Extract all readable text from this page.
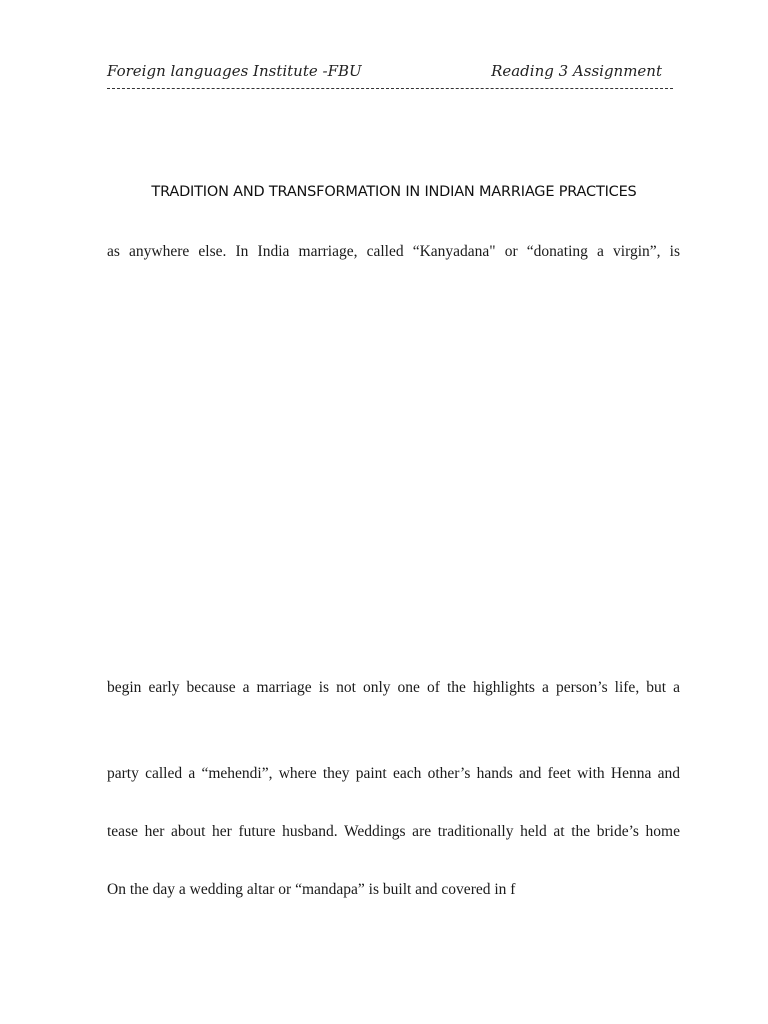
Foreign languages Institute -FBU	Reading 3 Assignment
TRADITION AND TRANSFORMATION IN INDIAN MARRIAGE PRACTICES
as anywhere else. In India marriage, called “Kanyadana" or “donating a virgin”, is
begin early because a marriage is not only one of the highlights a person’s life, but a
party called a “mehendi”, where they paint each other’s hands and feet with Henna and
tease her about her future husband. Weddings are traditionally held at the bride’s home
On the day a wedding altar or “mandapa” is built and covered in f
